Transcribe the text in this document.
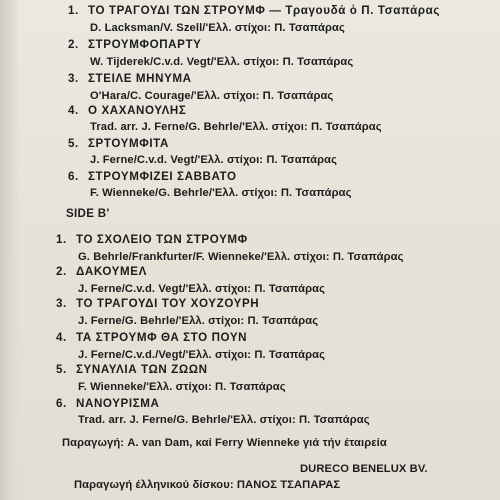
1. ΤΟ ΤΡΑΓΟΥΔΙ ΤΩΝ ΣΤΡΟΥΜΦ — Τραγουδά ὁ Π. Τσαπάρας
D. Lacksman/V. Szell/'Ελλ. στίχοι: Π. Τσαπάρας
2. ΣΤΡΟΥΜΦΟΠΑΡΤΥ
W. Tijderek/C.v.d. Vegt/'Ελλ. στίχοι: Π. Τσαπάρας
3. ΣΤΕΙΛΕ ΜΗΝΥΜΑ
O'Hara/C. Courage/'Ελλ. στίχοι: Π. Τσαπάρας
4. Ο ΧΑΧΑΝΟΥΛΗΣ
Trad. arr. J. Ferne/G. Behrle/'Ελλ. στίχοι: Π. Τσαπάρας
5. ΣΡΤΟΥΜΦΙΤΑ
J. Ferne/C.v.d. Vegt/'Ελλ. στίχοι: Π. Τσαπάρας
6. ΣΤΡΟΥΜΦΙΖΕΙ ΣΑΒΒΑΤΟ
F. Wienneke/G. Behrle/'Ελλ. στίχοι: Π. Τσαπάρας
SIDE B'
1. ΤΟ ΣΧΟΛΕΙΟ ΤΩΝ ΣΤΡΟΥΜΦ
G. Behrle/Frankfurter/F. Wienneke/'Ελλ. στίχοι: Π. Τσαπάρας
2. ΔΑΚΟΥΜΕΛ
J. Ferne/C.v.d. Vegt/'Ελλ. στίχοι: Π. Τσαπάρας
3. ΤΟ ΤΡΑΓΟΥΔΙ ΤΟΥ ΧΟΥΖΟΥΡΗ
J. Ferne/G. Behrle/'Ελλ. στίχοι: Π. Τσαπάρας
4. ΤΑ ΣΤΡΟΥΜΦ ΘΑ ΣΤΟ ΠΟΥΝ
J. Ferne/C.v.d./Vegt/'Ελλ. στίχοι: Π. Τσαπάρας
5. ΣΥΝΑΥΛΙΑ ΤΩΝ ΖΩΩΝ
F. Wienneke/'Ελλ. στίχοι: Π. Τσαπάρας
6. ΝΑΝΟΥΡΙΣΜΑ
Trad. arr. J. Ferne/G. Behrle/'Ελλ. στίχοι: Π. Τσαπάρας
Παραγωγή: A. van Dam, καί Ferry Wienneke γιά τήν έταιρεία
DURECO BENELUX BV.
Παραγωγή έλληνικού δίσκου: ΠΑΝΟΣ ΤΣΑΠΑΡΑΣ
